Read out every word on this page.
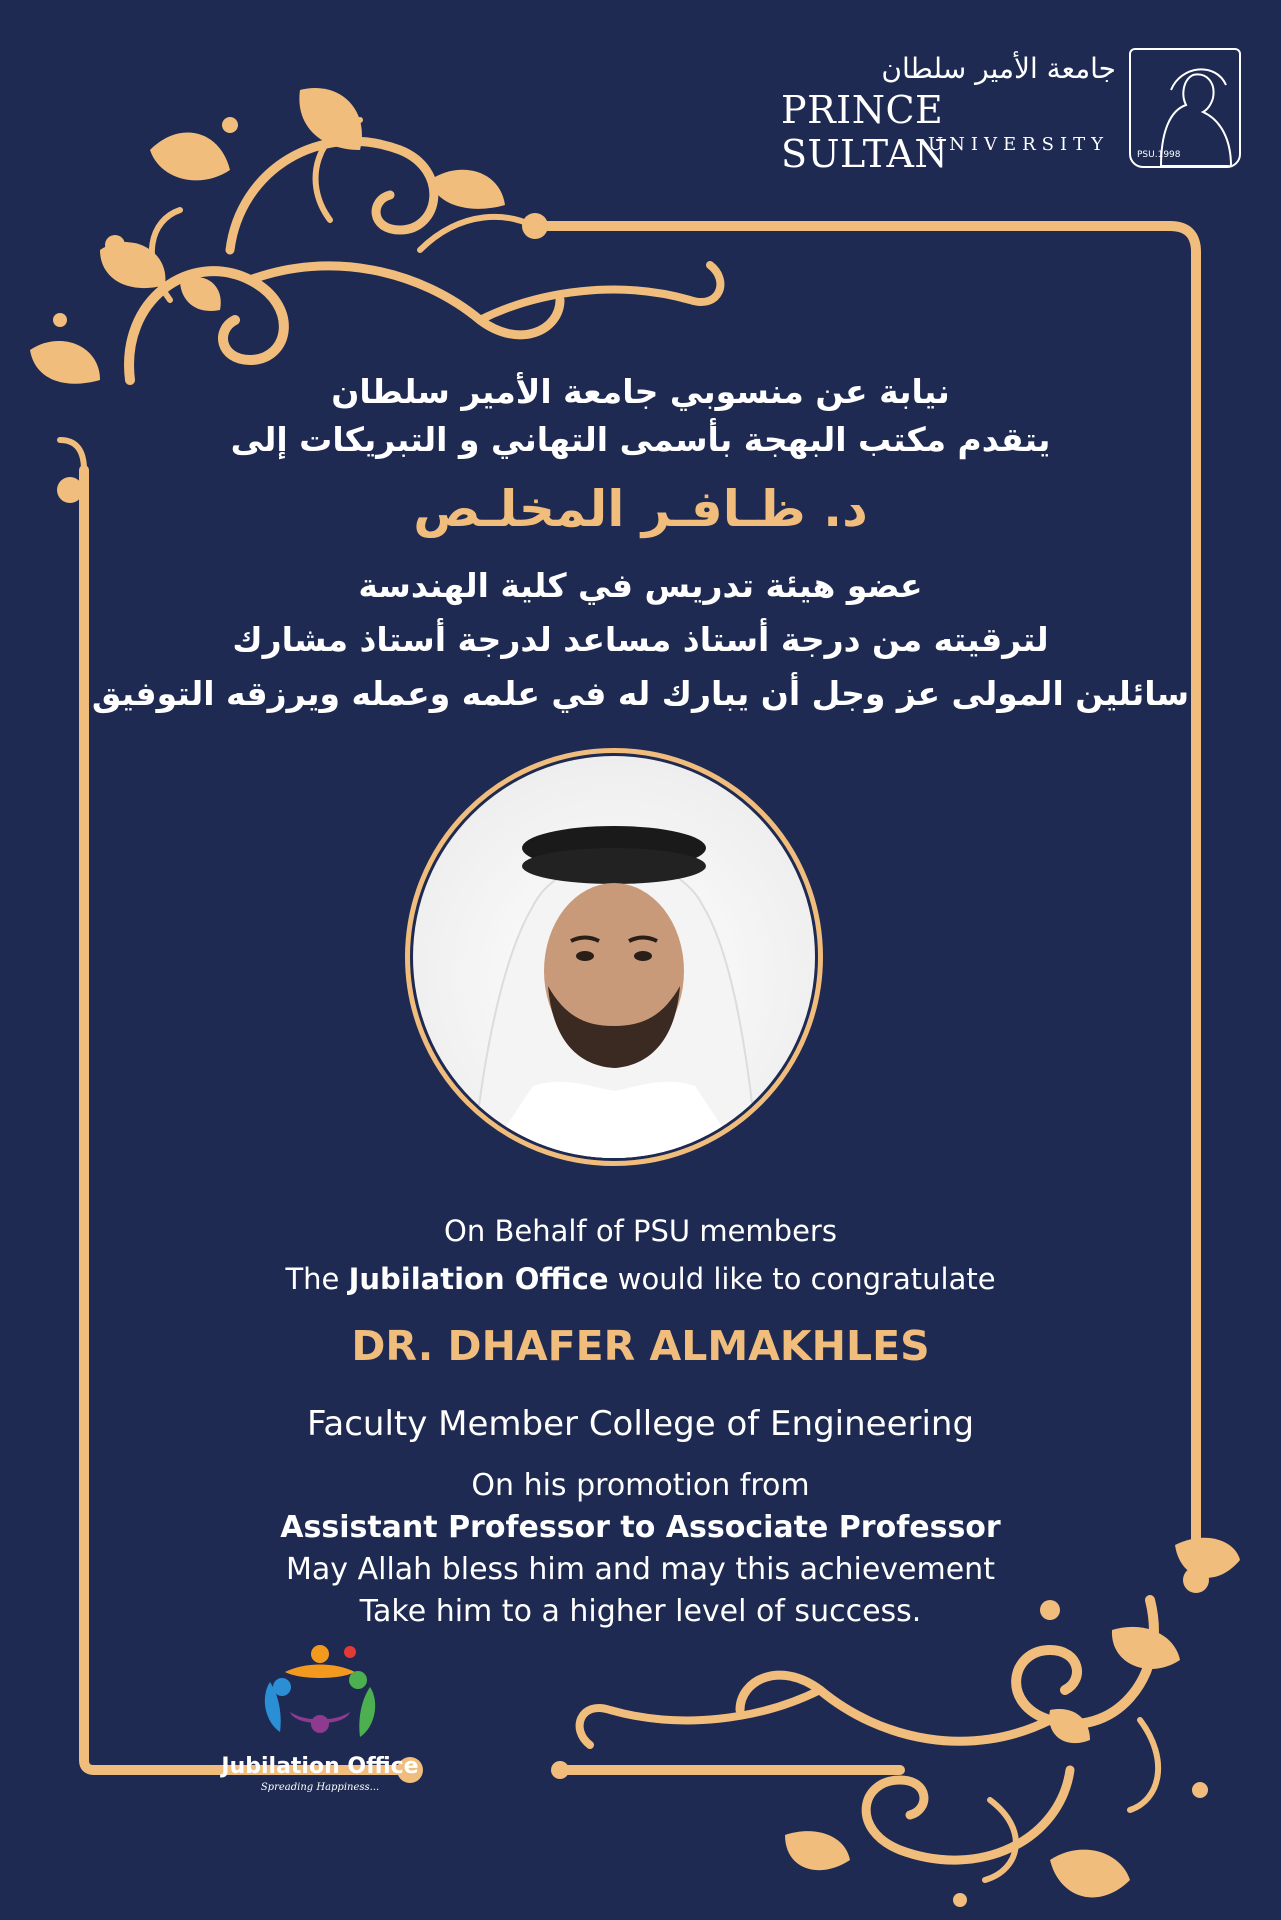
جامعة الأمير سلطان
PRINCE SULTAN
UNIVERSITY	PSU.1998
نيابة عن منسوبي جامعة الأمير سلطان
يتقدم مكتب البهجة بأسمى التهاني و التبريكات إلى
د. ظـافـر المخلـص
عضو هيئة تدريس في كلية الهندسة
لترقيته من درجة أستاذ مساعد لدرجة أستاذ مشارك
سائلين المولى عز وجل أن يبارك له في علمه وعمله ويرزقه التوفيق
On Behalf of PSU members
The Jubilation Office would like to congratulate
DR. DHAFER ALMAKHLES
Faculty Member College of Engineering
On his promotion from
Assistant Professor to Associate Professor
May Allah bless him and may this achievement
Take him to a higher level of success.
Jubilation Office
Spreading Happiness...
